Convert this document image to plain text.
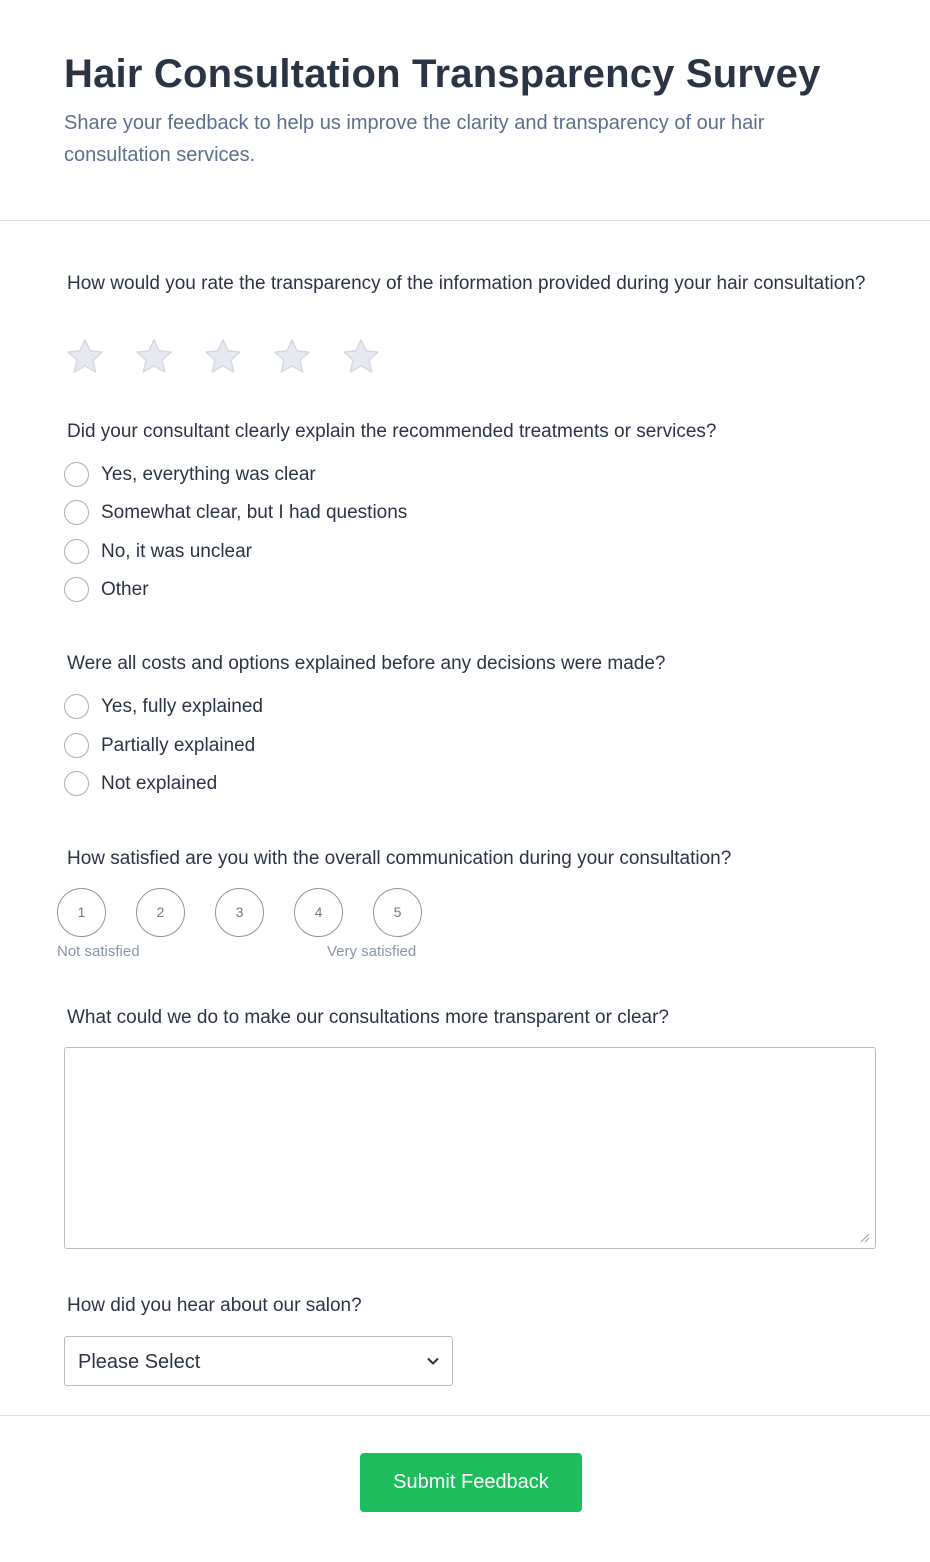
Hair Consultation Transparency Survey

Share your feedback to help us improve the clarity and transparency of our hair consultation services.

How would you rate the transparency of the information provided during your hair consultation?
Did your consultant clearly explain the recommended treatments or services?
Yes, everything was clear
Somewhat clear, but I had questions
No, it was unclear
Other
Were all costs and options explained before any decisions were made?
Yes, fully explained
Partially explained
Not explained
How satisfied are you with the overall communication during your consultation?
1	2	3	4	5
Not satisfied	Very satisfied
What could we do to make our consultations more transparent or clear?
How did you hear about our salon?
Please Select
Submit Feedback
